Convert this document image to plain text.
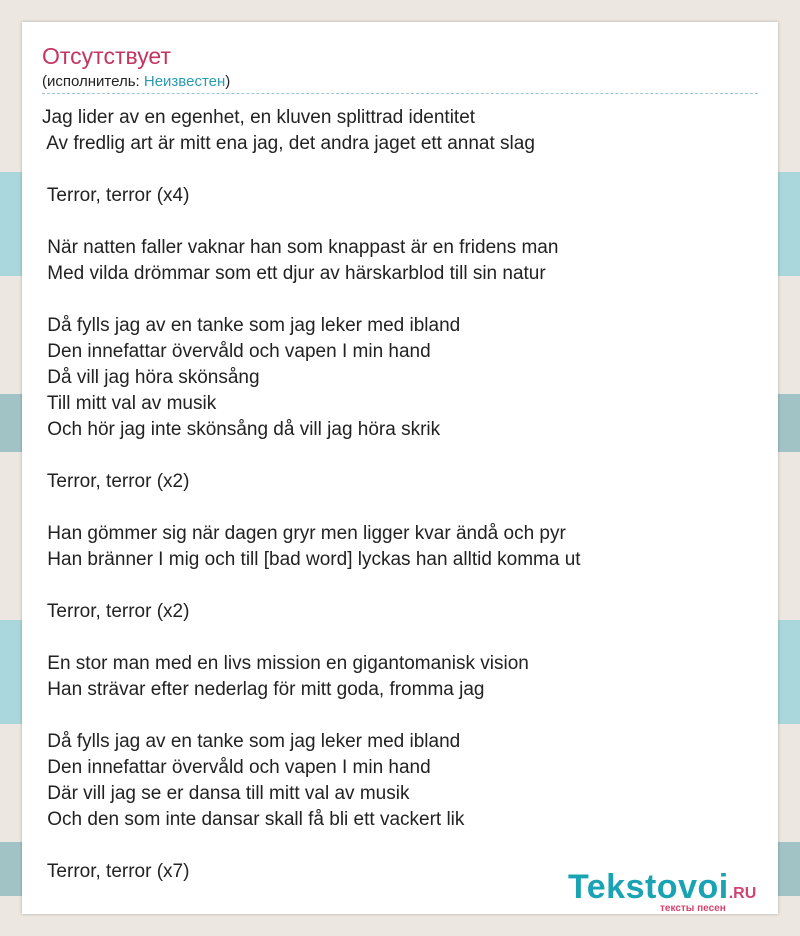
Отсутствует
(исполнитель: Неизвестен)
Jag lider av en egenhet, en kluven splittrad identitet
Av fredlig art är mitt ena jag, det andra jaget ett annat slag
Terror, terror (x4)
När natten faller vaknar han som knappast är en fridens man
Med vilda drömmar som ett djur av härskarblod till sin natur
Då fylls jag av en tanke som jag leker med ibland
Den innefattar övervåld och vapen I min hand
Då vill jag höra skönsång
Till mitt val av musik
Och hör jag inte skönsång då vill jag höra skrik
Terror, terror (x2)
Han gömmer sig när dagen gryr men ligger kvar ändå och pyr
Han bränner I mig och till [bad word] lyckas han alltid komma ut
Terror, terror (x2)
En stor man med en livs mission en gigantomanisk vision
Han strävar efter nederlag för mitt goda, fromma jag
Då fylls jag av en tanke som jag leker med ibland
Den innefattar övervåld och vapen I min hand
Där vill jag se er dansa till mitt val av musik
Och den som inte dansar skall få bli ett vackert lik
Terror, terror (x7)	Tekstovoi.RU
тексты песен
